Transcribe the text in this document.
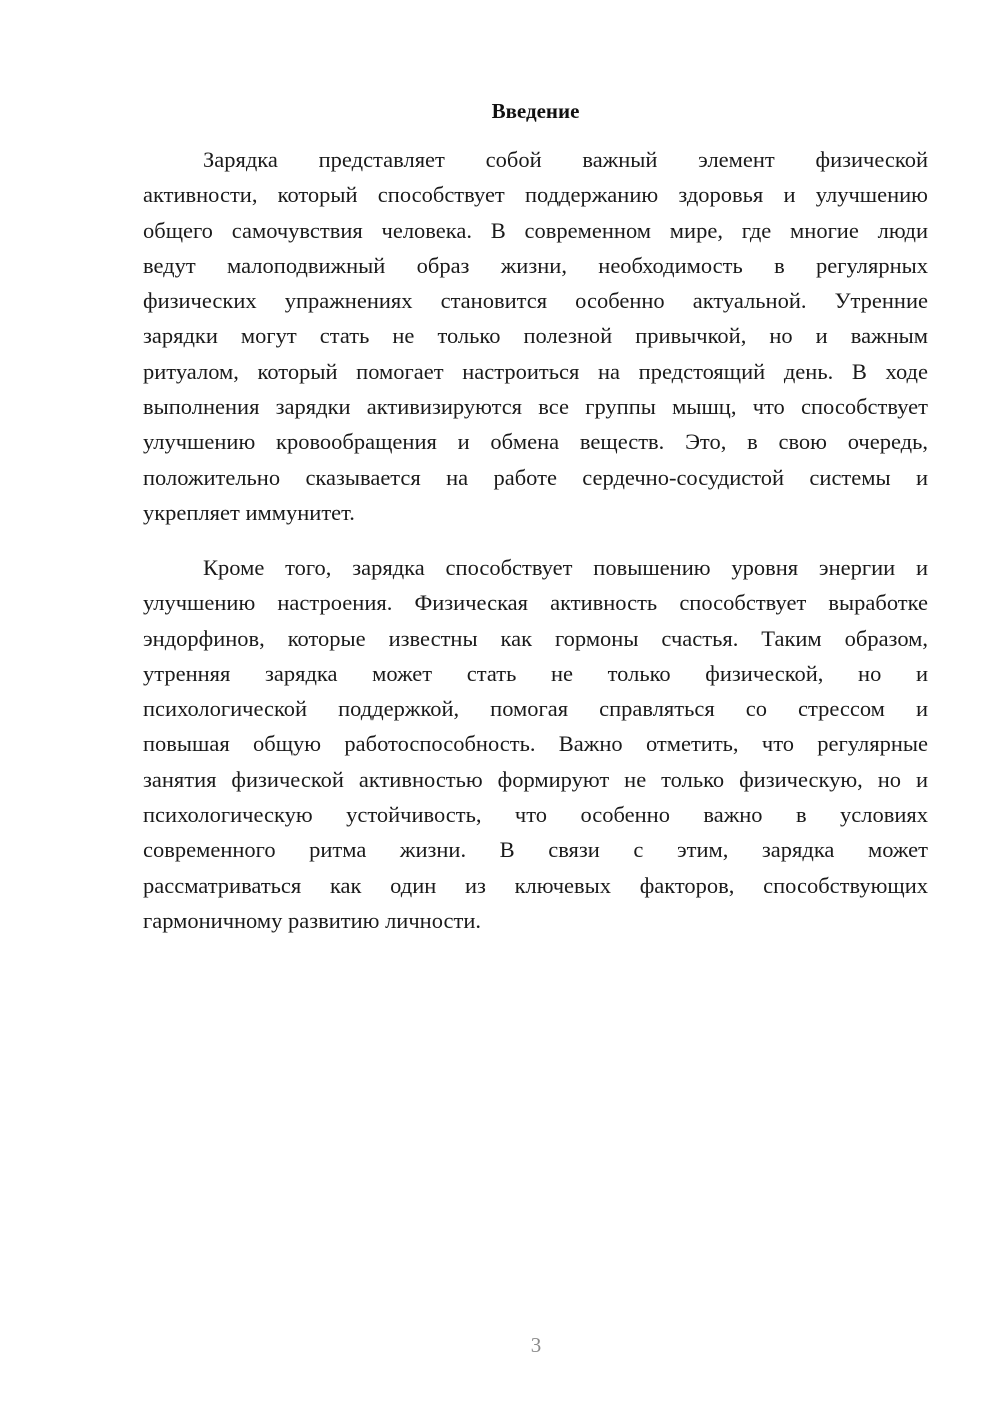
Введение
Зарядка представляет собой важный элемент физической
активности, который способствует поддержанию здоровья и улучшению
общего самочувствия человека. В современном мире, где многие люди
ведут малоподвижный образ жизни, необходимость в регулярных
физических упражнениях становится особенно актуальной. Утренние
зарядки могут стать не только полезной привычкой, но и важным
ритуалом, который помогает настроиться на предстоящий день. В ходе
выполнения зарядки активизируются все группы мышц, что способствует
улучшению кровообращения и обмена веществ. Это, в свою очередь,
положительно сказывается на работе сердечно-сосудистой системы и
укрепляет иммунитет.
Кроме того, зарядка способствует повышению уровня энергии и
улучшению настроения. Физическая активность способствует выработке
эндорфинов, которые известны как гормоны счастья. Таким образом,
утренняя зарядка может стать не только физической, но и
психологической поддержкой, помогая справляться со стрессом и
повышая общую работоспособность. Важно отметить, что регулярные
занятия физической активностью формируют не только физическую, но и
психологическую устойчивость, что особенно важно в условиях
современного ритма жизни. В связи с этим, зарядка может
рассматриваться как один из ключевых факторов, способствующих
гармоничному развитию личности.
3
